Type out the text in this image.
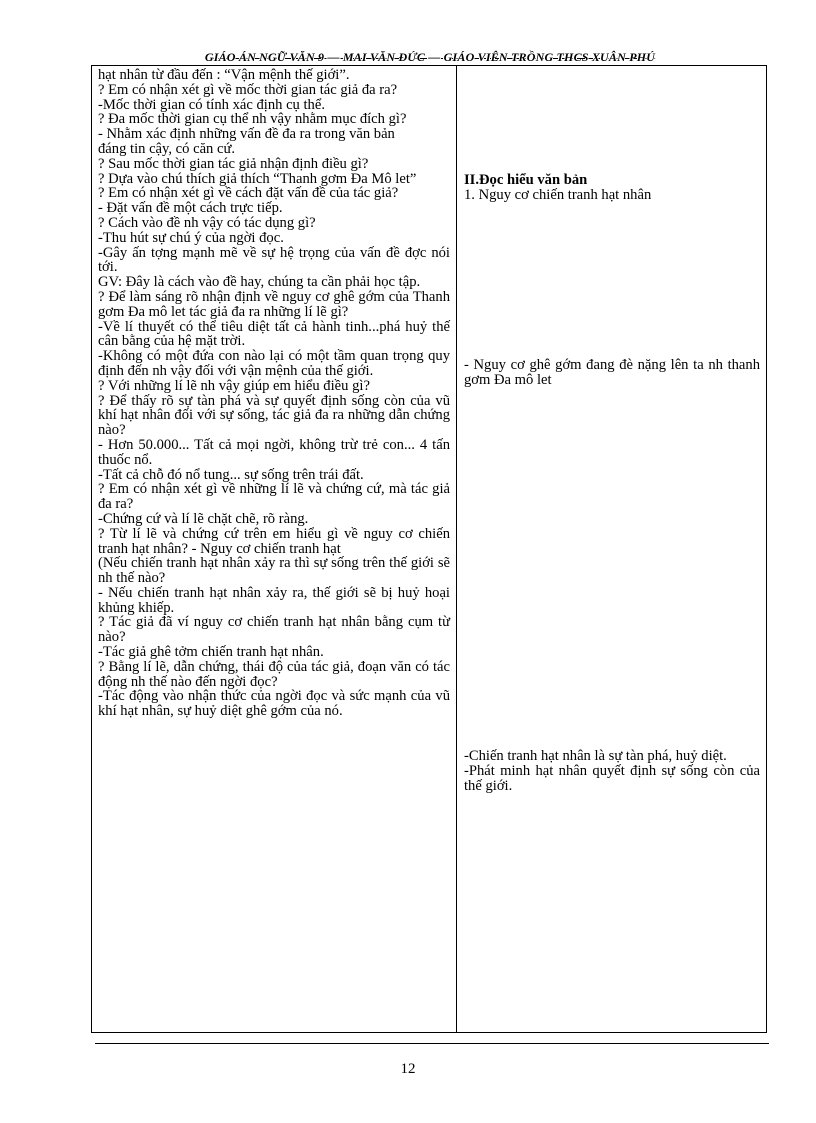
GIÁO ÁN NGỮ VĂN 9 — MAI VĂN ĐỨC — GIÁO VIÊN TRỒNG THCS XUÂN PHÚ

hạt nhân từ đầu đến : “Vận mệnh thế giới”.

? Em có nhận xét gì về mốc thời gian tác giả đa ra?

-Mốc thời gian có tính xác định cụ thể.

? Đa mốc thời gian cụ thể nh vậy nhằm mục đích gì?

- Nhằm xác định những vấn đề đa ra trong văn bản

đáng tin cậy, có căn cứ.

? Sau mốc thời gian tác giả nhận định điều gì?

? Dựa vào chú thích giả thích “Thanh gơm Đa Mô let”

? Em có nhận xét gì về cách đặt vấn đề của tác giả?

- Đặt vấn đề một cách trực tiếp.

? Cách vào đề nh vậy có tác dụng gì?

-Thu hút sự chú ý của ngời đọc.

-Gây ấn tợng mạnh mẽ về sự hệ trọng của vấn đề đợc nói tới.

GV: Đây là cách vào đề hay, chúng ta cần phải học tập.

? Để làm sáng rõ nhận định về nguy cơ ghê gớm của Thanh gơm Đa mô let tác giả đa ra những lí lẽ gì?

-Về lí thuyết có thể tiêu diệt tất cả hành tinh...phá huỷ thế cân bằng của hệ mặt trời.

-Không có một đứa con nào lại có một tầm quan trọng quy định đến nh vậy đối với vận mệnh của thế giới.

? Với những lí lẽ nh vậy giúp em hiểu điều gì?

? Để thấy rõ sự tàn phá và sự quyết định sống còn của vũ khí hạt nhân đối với sự sống, tác giả đa ra những dẫn chứng nào?

- Hơn 50.000... Tất cả mọi ngời, không trừ trẻ con... 4 tấn thuốc nổ.

-Tất cả chỗ đó nổ tung... sự sống trên trái đất.

? Em có nhận xét gì về những lí lẽ và chứng cứ, mà tác giả đa ra?

-Chứng cứ và lí lẽ chặt chẽ, rõ ràng.

? Từ lí lẽ và chứng cứ trên em hiểu gì về nguy cơ chiến tranh hạt nhân? - Nguy cơ chiến tranh hạt

(Nếu chiến tranh hạt nhân xảy ra thì sự sống trên thế giới sẽ nh thế nào?

- Nếu chiến tranh hạt nhân xảy ra, thế giới sẽ bị huỷ hoại khủng khiếp.

? Tác giả đã ví nguy cơ chiến tranh hạt nhân bằng cụm từ nào?

-Tác giả ghê tởm chiến tranh hạt nhân.

? Bằng lí lẽ, dẫn chứng, thái độ của tác giả, đoạn văn có tác động nh thế nào đến ngời đọc?

-Tác động vào nhận thức của ngời đọc và sức mạnh của vũ khí hạt nhân, sự huỷ diệt ghê gớm của nó.

II.Đọc hiểu văn bản

1. Nguy cơ chiến tranh hạt nhân

- Nguy cơ ghê gớm đang đè nặng lên ta nh thanh gơm Đa mô let

-Chiến tranh hạt nhân là sự tàn phá, huỷ diệt.

-Phát minh hạt nhân quyết định sự sống còn của thế giới.

12
